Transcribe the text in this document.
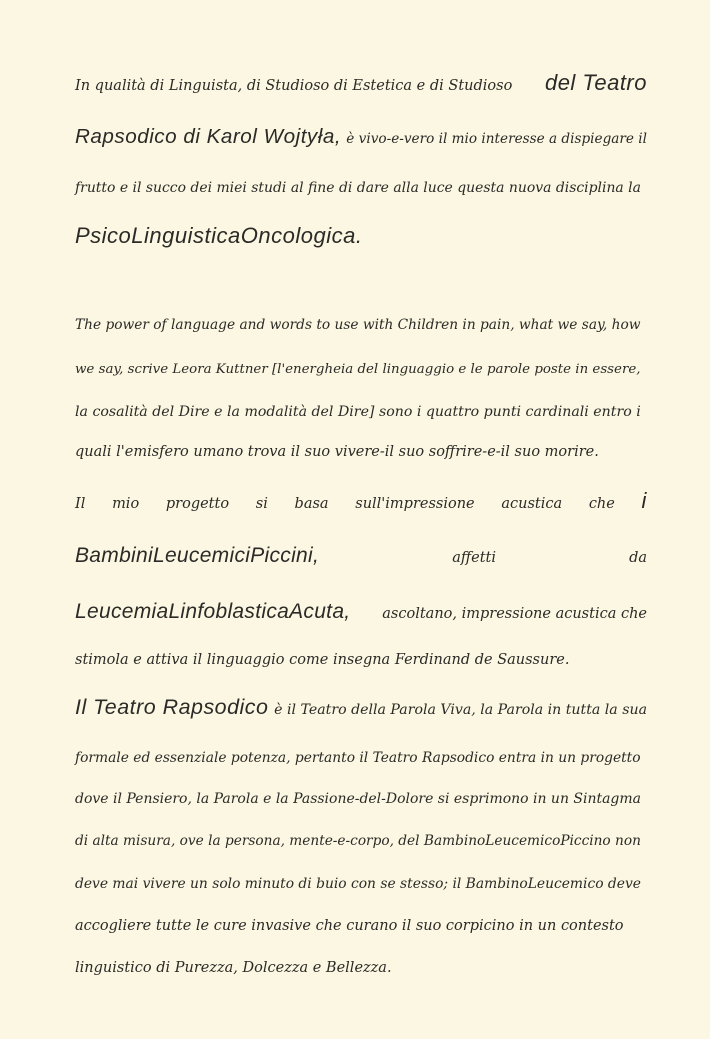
In qualità di Linguista, di Studioso di Estetica e di Studioso del Teatro
Rapsodico di Karol Wojtyła, è vivo-e-vero il mio interesse a dispiegare il
frutto e il succo dei miei studi al fine di dare alla luce questa nuova disciplina la
PsicoLinguisticaOncologica.
The power of language and words to use with Children in pain, what we say, how
we say, scrive Leora Kuttner [l'energheia del linguaggio e le parole poste in essere,
la cosalità del Dire e la modalità del Dire] sono i quattro punti cardinali entro i
quali l'emisfero umano trova il suo vivere-il suo soffrire-e-il suo morire.
Il mio progetto si basa sull'impressione acustica che i
BambiniLeucemiciPiccini,	affetti	da
LeucemiaLinfoblasticaAcuta, ascoltano, impressione acustica che
stimola e attiva il linguaggio come insegna Ferdinand de Saussure.
Il Teatro Rapsodico è il Teatro della Parola Viva, la Parola in tutta la sua
formale ed essenziale potenza, pertanto il Teatro Rapsodico entra in un progetto
dove il Pensiero, la Parola e la Passione-del-Dolore si esprimono in un Sintagma
di alta misura, ove la persona, mente-e-corpo, del BambinoLeucemicoPiccino non
deve mai vivere un solo minuto di buio con se stesso; il BambinoLeucemico deve
accogliere tutte le cure invasive che curano il suo corpicino in un contesto
linguistico di Purezza, Dolcezza e Bellezza.
